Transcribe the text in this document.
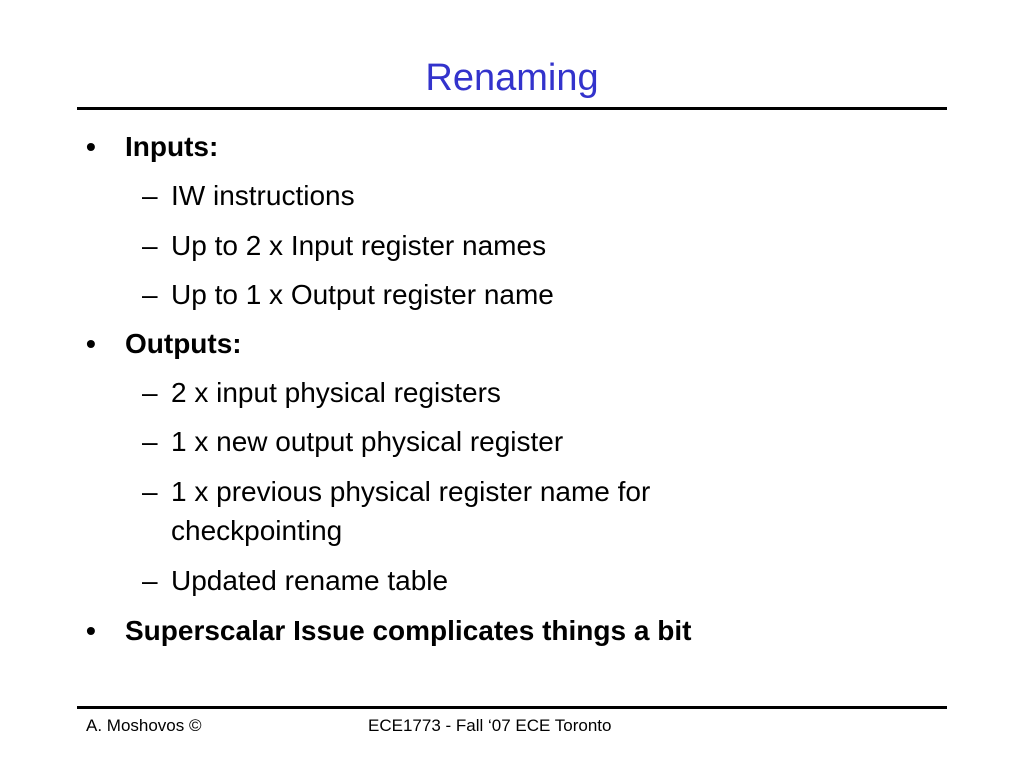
Renaming
• Inputs:
– IW instructions
– Up to 2 x Input register names
– Up to 1 x Output register name
• Outputs:
– 2 x input physical registers
– 1 x new output physical register
– 1 x previous physical register name for
checkpointing
– Updated rename table
• Superscalar Issue complicates things a bit
A. Moshovos ©	ECE1773 - Fall ‘07 ECE Toronto
